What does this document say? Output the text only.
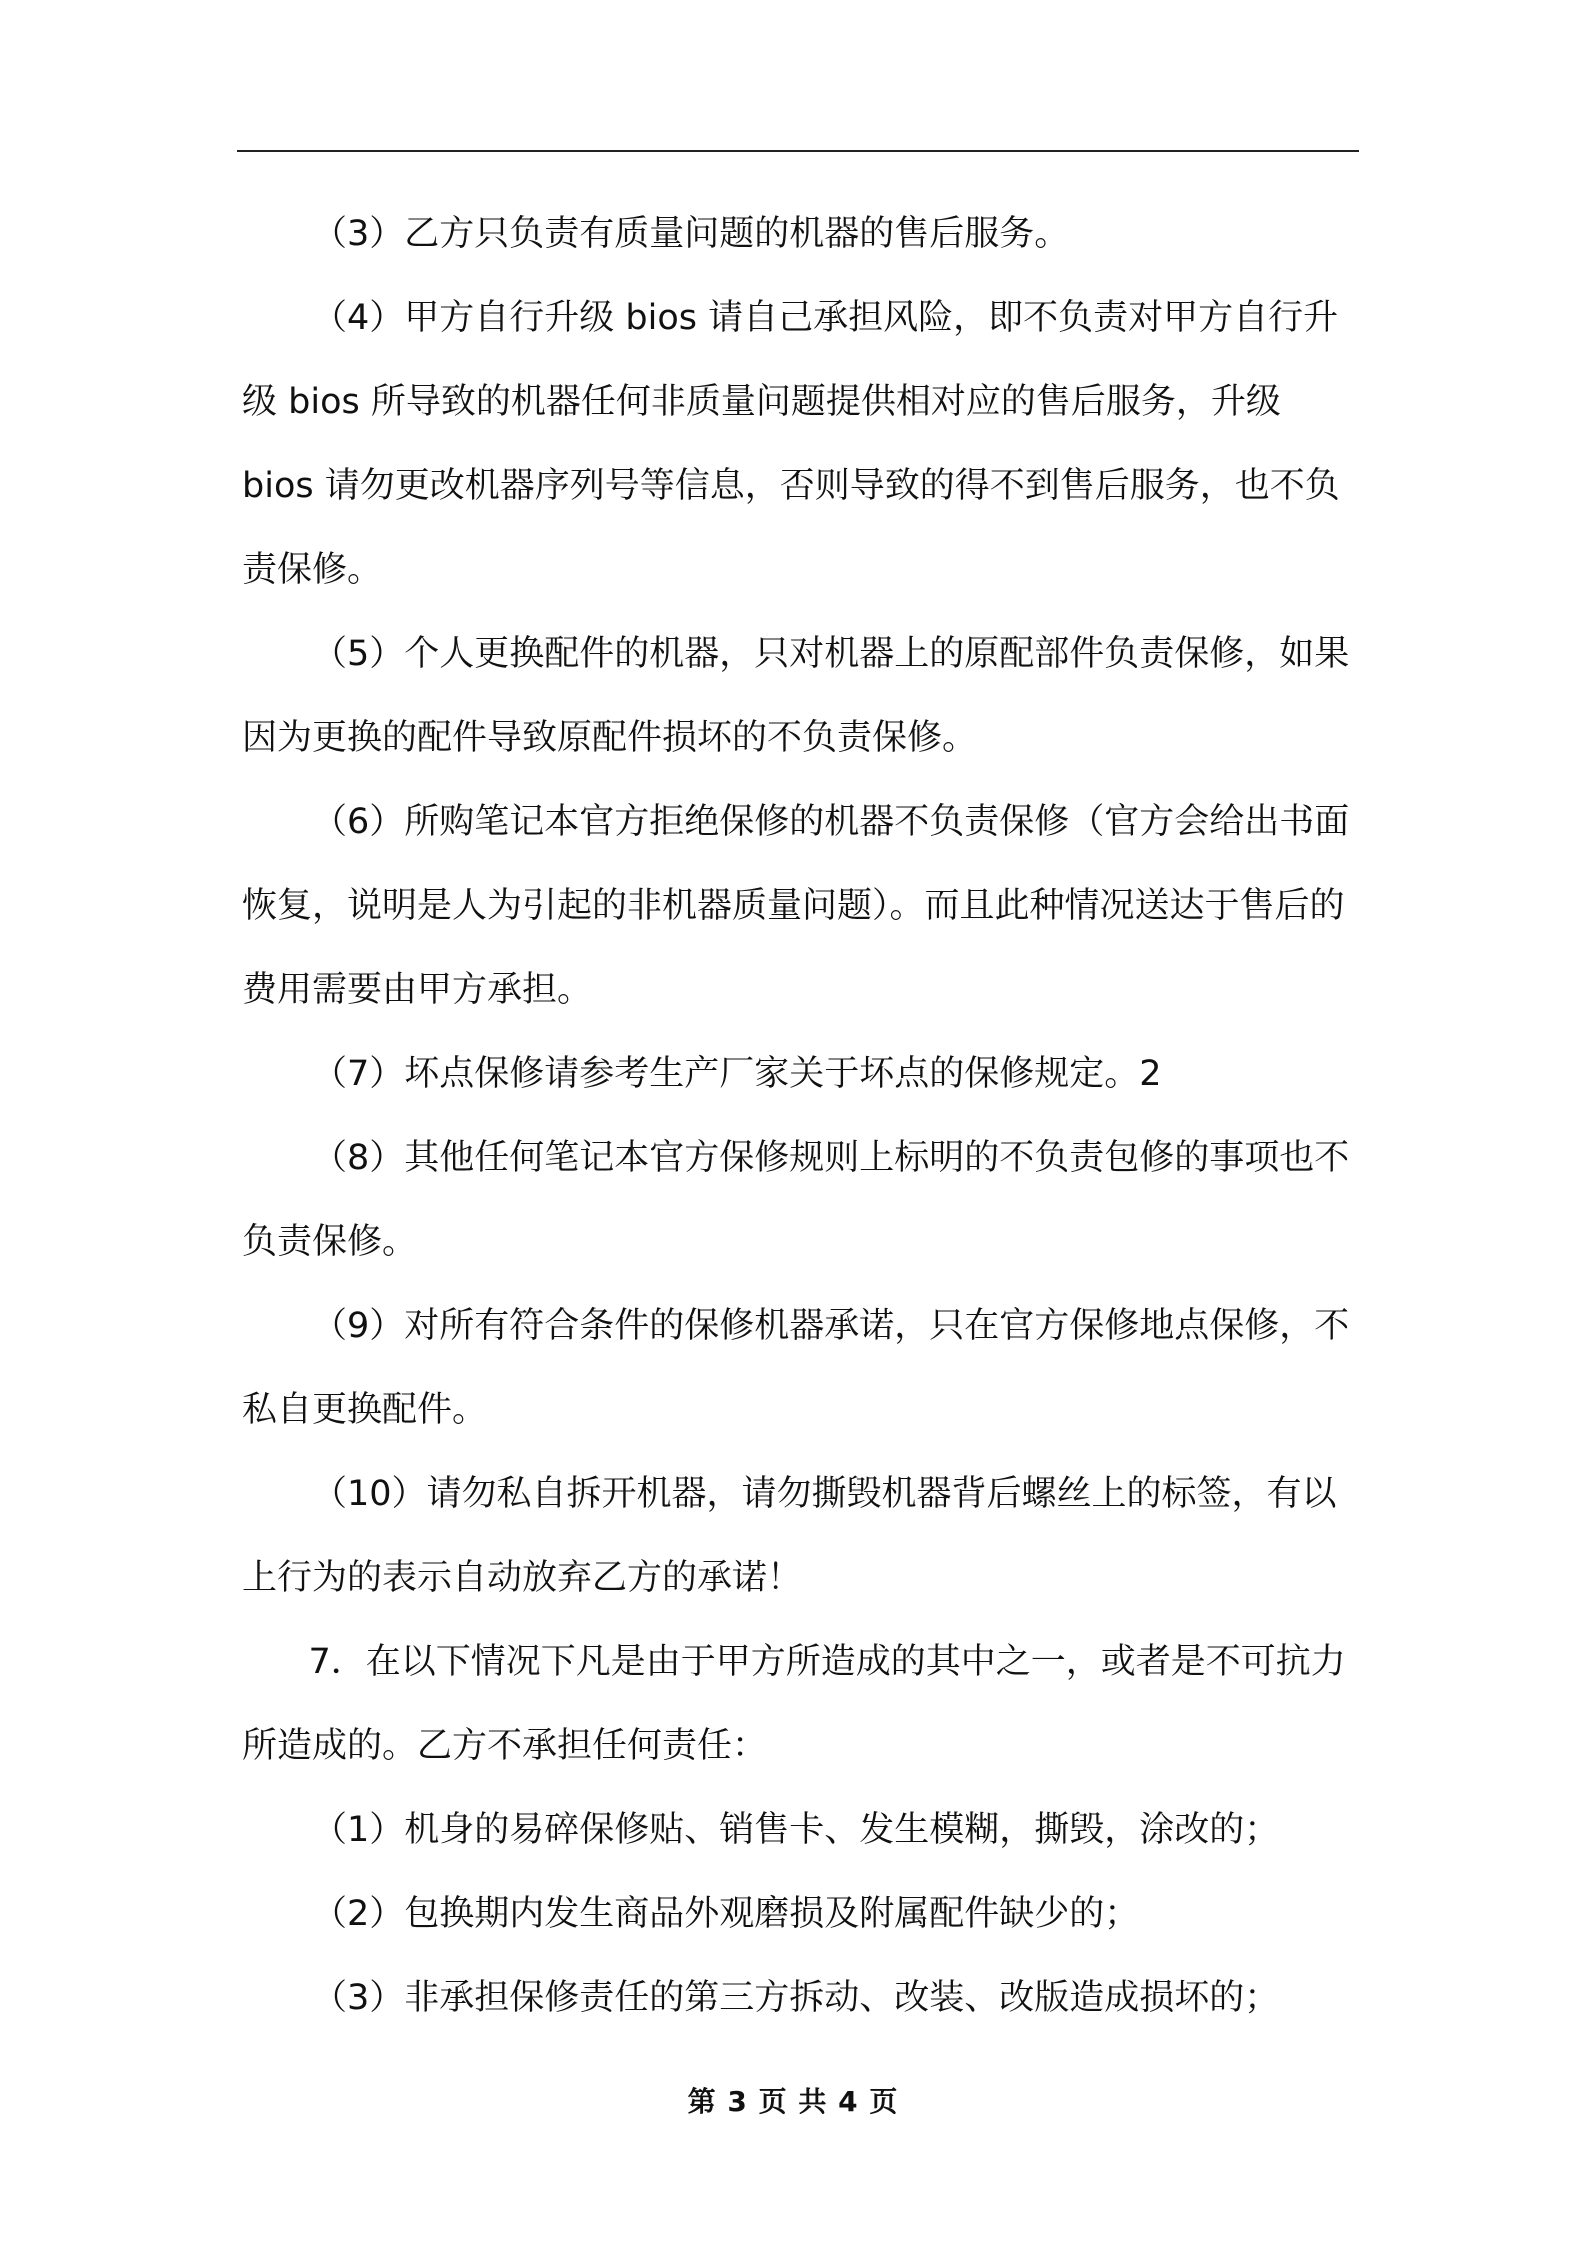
（3）乙方只负责有质量问题的机器的售后服务。

（4）甲方自行升级 bios 请自己承担风险，即不负责对甲方自行升级 bios 所导致的机器任何非质量问题提供相对应的售后服务，升级 bios 请勿更改机器序列号等信息，否则导致的得不到售后服务，也不负责保修。

（5）个人更换配件的机器，只对机器上的原配部件负责保修，如果因为更换的配件导致原配件损坏的不负责保修。

（6）所购笔记本官方拒绝保修的机器不负责保修（官方会给出书面恢复，说明是人为引起的非机器质量问题）。而且此种情况送达于售后的费用需要由甲方承担。

（7）坏点保修请参考生产厂家关于坏点的保修规定。2

（8）其他任何笔记本官方保修规则上标明的不负责包修的事项也不负责保修。

（9）对所有符合条件的保修机器承诺，只在官方保修地点保修，不私自更换配件。

（10）请勿私自拆开机器，请勿撕毁机器背后螺丝上的标签，有以上行为的表示自动放弃乙方的承诺！

7．在以下情况下凡是由于甲方所造成的其中之一，或者是不可抗力所造成的。乙方不承担任何责任：

（1）机身的易碎保修贴、销售卡、发生模糊，撕毁，涂改的；

（2）包换期内发生商品外观磨损及附属配件缺少的；

（3）非承担保修责任的第三方拆动、改装、改版造成损坏的；

第 3 页 共 4 页
